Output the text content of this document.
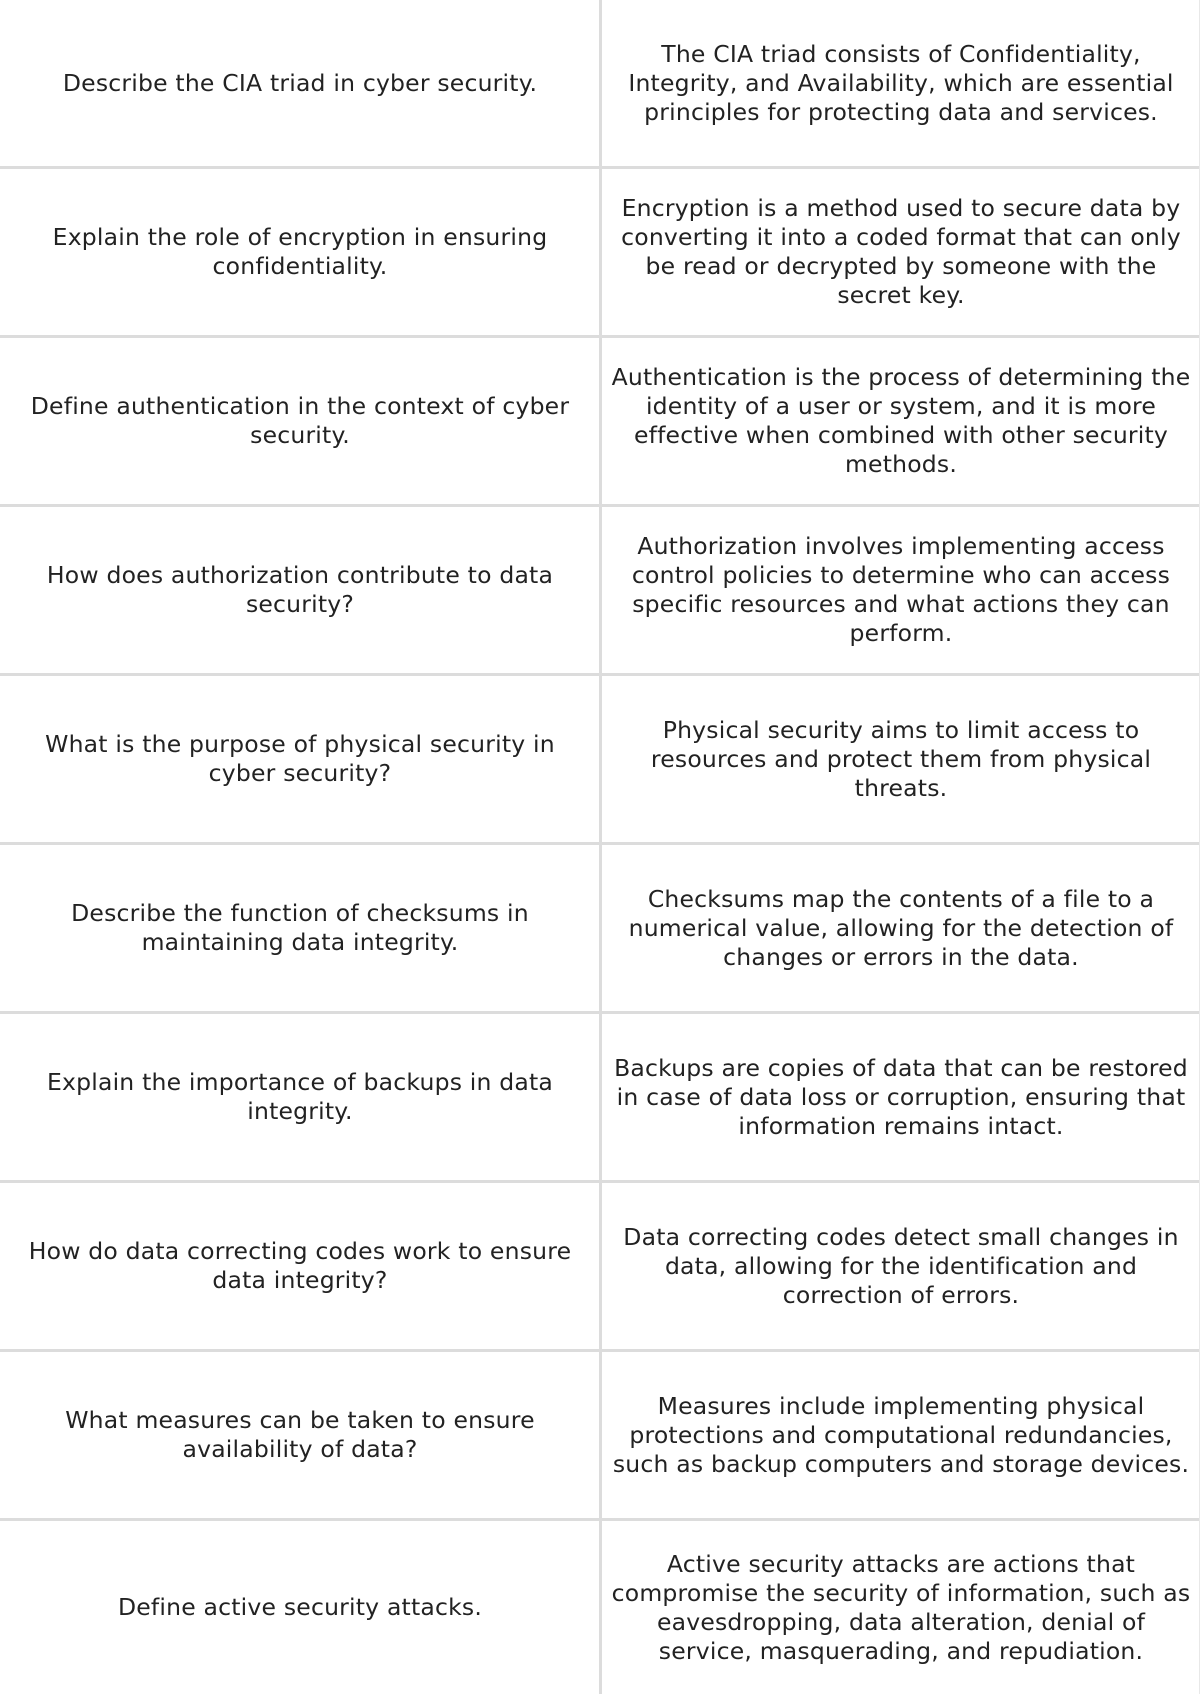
Describe the CIA triad in cyber security.
The CIA triad consists of Confidentiality, Integrity, and Availability, which are essential principles for protecting data and services.
Explain the role of encryption in ensuring confidentiality.
Encryption is a method used to secure data by converting it into a coded format that can only be read or decrypted by someone with the secret key.
Define authentication in the context of cyber security.
Authentication is the process of determining the identity of a user or system, and it is more effective when combined with other security methods.
How does authorization contribute to data security?
Authorization involves implementing access control policies to determine who can access specific resources and what actions they can perform.
What is the purpose of physical security in cyber security?
Physical security aims to limit access to resources and protect them from physical threats.
Describe the function of checksums in maintaining data integrity.
Checksums map the contents of a file to a numerical value, allowing for the detection of changes or errors in the data.
Explain the importance of backups in data integrity.
Backups are copies of data that can be restored in case of data loss or corruption, ensuring that information remains intact.
How do data correcting codes work to ensure data integrity?
Data correcting codes detect small changes in data, allowing for the identification and correction of errors.
What measures can be taken to ensure availability of data?
Measures include implementing physical protections and computational redundancies, such as backup computers and storage devices.
Define active security attacks.
Active security attacks are actions that compromise the security of information, such as eavesdropping, data alteration, denial of service, masquerading, and repudiation.
